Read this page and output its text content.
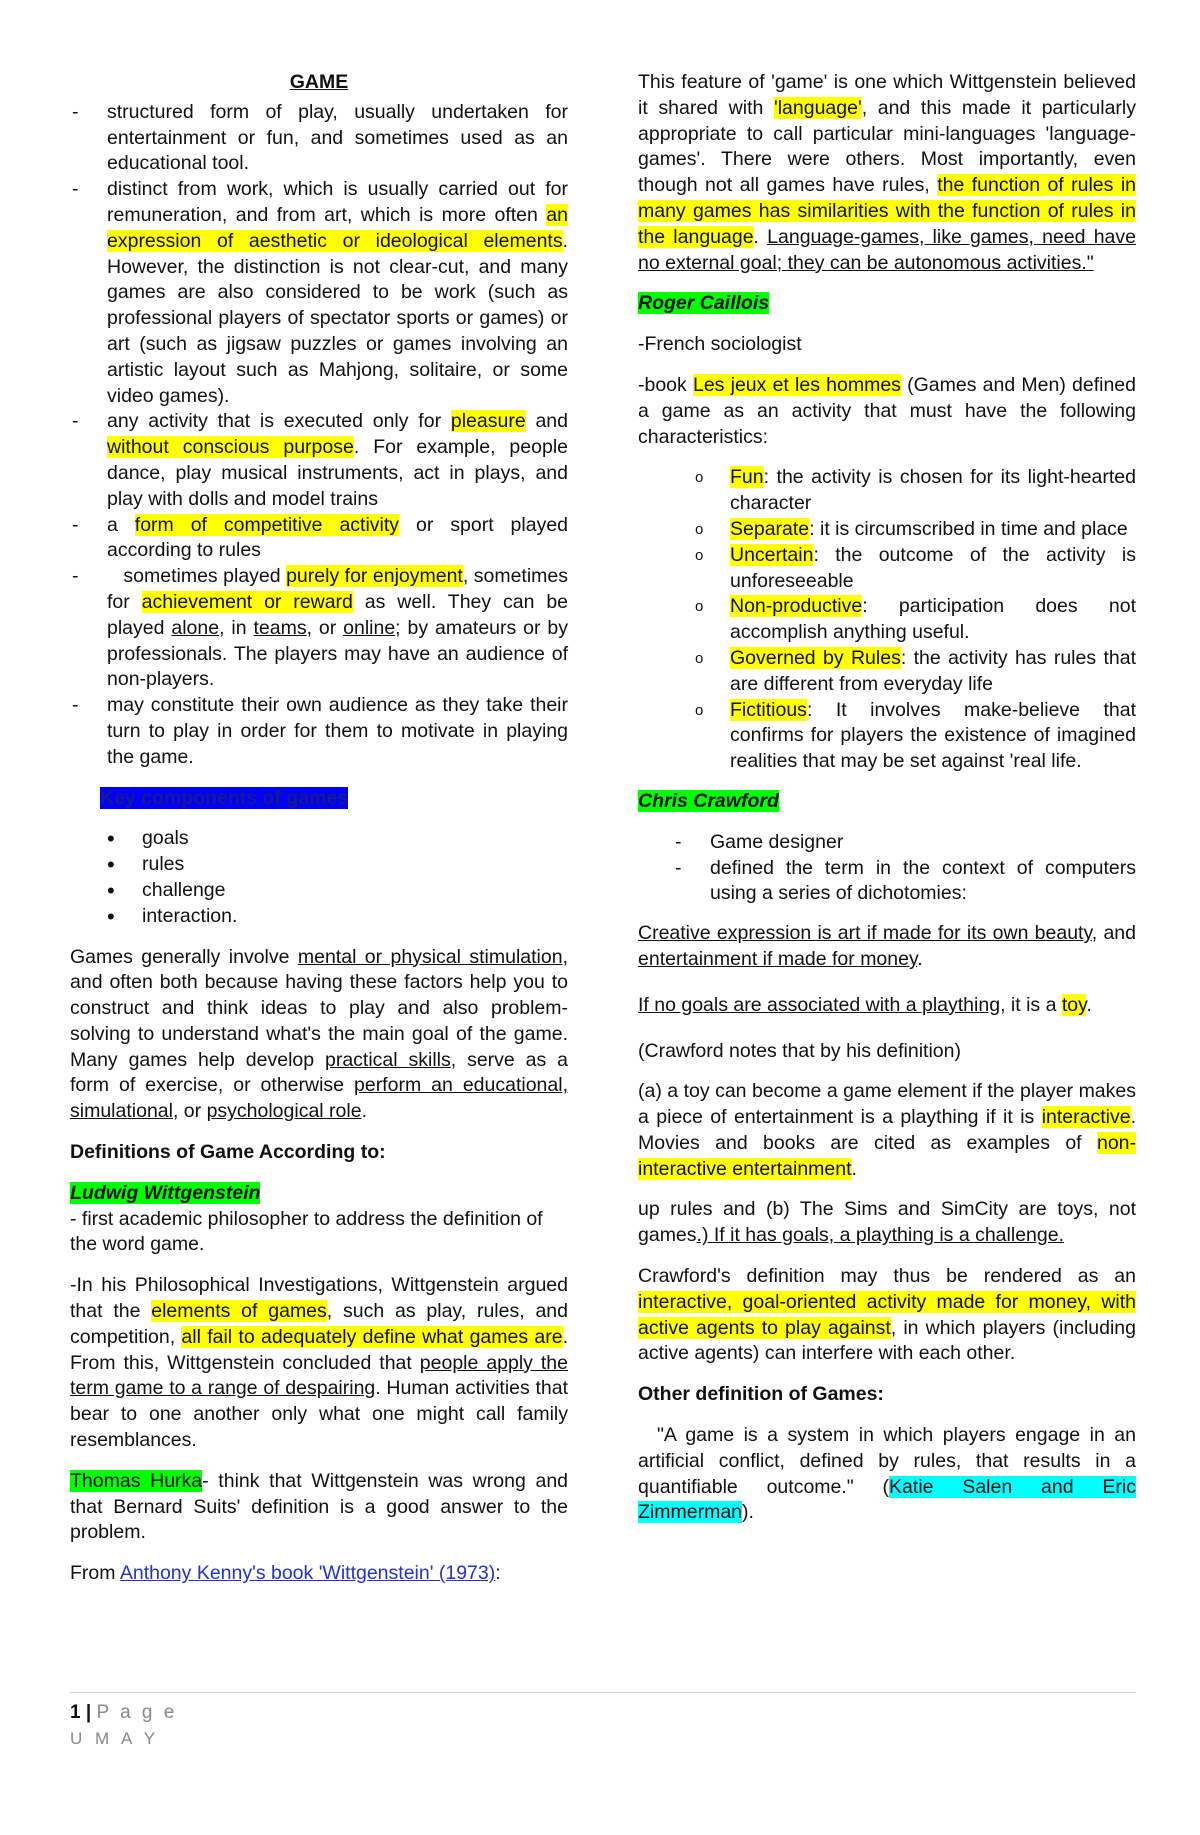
GAME

- structured form of play, usually undertaken for entertainment or fun, and sometimes used as an educational tool.
- distinct from work, which is usually carried out for remuneration, and from art, which is more often an expression of aesthetic or ideological elements. However, the distinction is not clear-cut, and many games are also considered to be work (such as professional players of spectator sports or games) or art (such as jigsaw puzzles or games involving an artistic layout such as Mahjong, solitaire, or some video games).
- any activity that is executed only for pleasure and without conscious purpose. For example, people dance, play musical instruments, act in plays, and play with dolls and model trains
- a form of competitive activity or sport played according to rules
- sometimes played purely for enjoyment, sometimes for achievement or reward as well. They can be played alone, in teams, or online; by amateurs or by professionals. The players may have an audience of non-players.
- may constitute their own audience as they take their turn to play in order for them to motivate in playing the game.

Key components of games

• goals
• rules
• challenge
• interaction.

Games generally involve mental or physical stimulation, and often both because having these factors help you to construct and think ideas to play and also problem-solving to understand what's the main goal of the game. Many games help develop practical skills, serve as a form of exercise, or otherwise perform an educational, simulational, or psychological role.

Definitions of Game According to:

Ludwig Wittgenstein

- first academic philosopher to address the definition of the word game.

-In his Philosophical Investigations, Wittgenstein argued that the elements of games, such as play, rules, and competition, all fail to adequately define what games are. From this, Wittgenstein concluded that people apply the term game to a range of despairing. Human activities that bear to one another only what one might call family resemblances.

Thomas Hurka- think that Wittgenstein was wrong and that Bernard Suits' definition is a good answer to the problem.

From Anthony Kenny's book 'Wittgenstein' (1973):

This feature of 'game' is one which Wittgenstein believed it shared with 'language', and this made it particularly appropriate to call particular mini-languages 'language-games'. There were others. Most importantly, even though not all games have rules, the function of rules in many games has similarities with the function of rules in the language. Language-games, like games, need have no external goal; they can be autonomous activities."

Roger Caillois

-French sociologist

-book Les jeux et les hommes (Games and Men) defined a game as an activity that must have the following characteristics:

o Fun: the activity is chosen for its light-hearted character
o Separate: it is circumscribed in time and place
o Uncertain: the outcome of the activity is unforeseeable
o Non-productive: participation does not accomplish anything useful.
o Governed by Rules: the activity has rules that are different from everyday life
o Fictitious: It involves make-believe that confirms for players the existence of imagined realities that may be set against 'real life.

Chris Crawford

- Game designer
- defined the term in the context of computers using a series of dichotomies:

Creative expression is art if made for its own beauty, and entertainment if made for money.

If no goals are associated with a plaything, it is a toy.

(Crawford notes that by his definition)

(a) a toy can become a game element if the player makes a piece of entertainment is a plaything if it is interactive. Movies and books are cited as examples of non-interactive entertainment.

up rules and (b) The Sims and SimCity are toys, not games.) If it has goals, a plaything is a challenge.

Crawford's definition may thus be rendered as an interactive, goal-oriented activity made for money, with active agents to play against, in which players (including active agents) can interfere with each other.

Other definition of Games:

"A game is a system in which players engage in an artificial conflict, defined by rules, that results in a quantifiable outcome." (Katie Salen and Eric Zimmerman).

1 | P a g e
U M A Y
